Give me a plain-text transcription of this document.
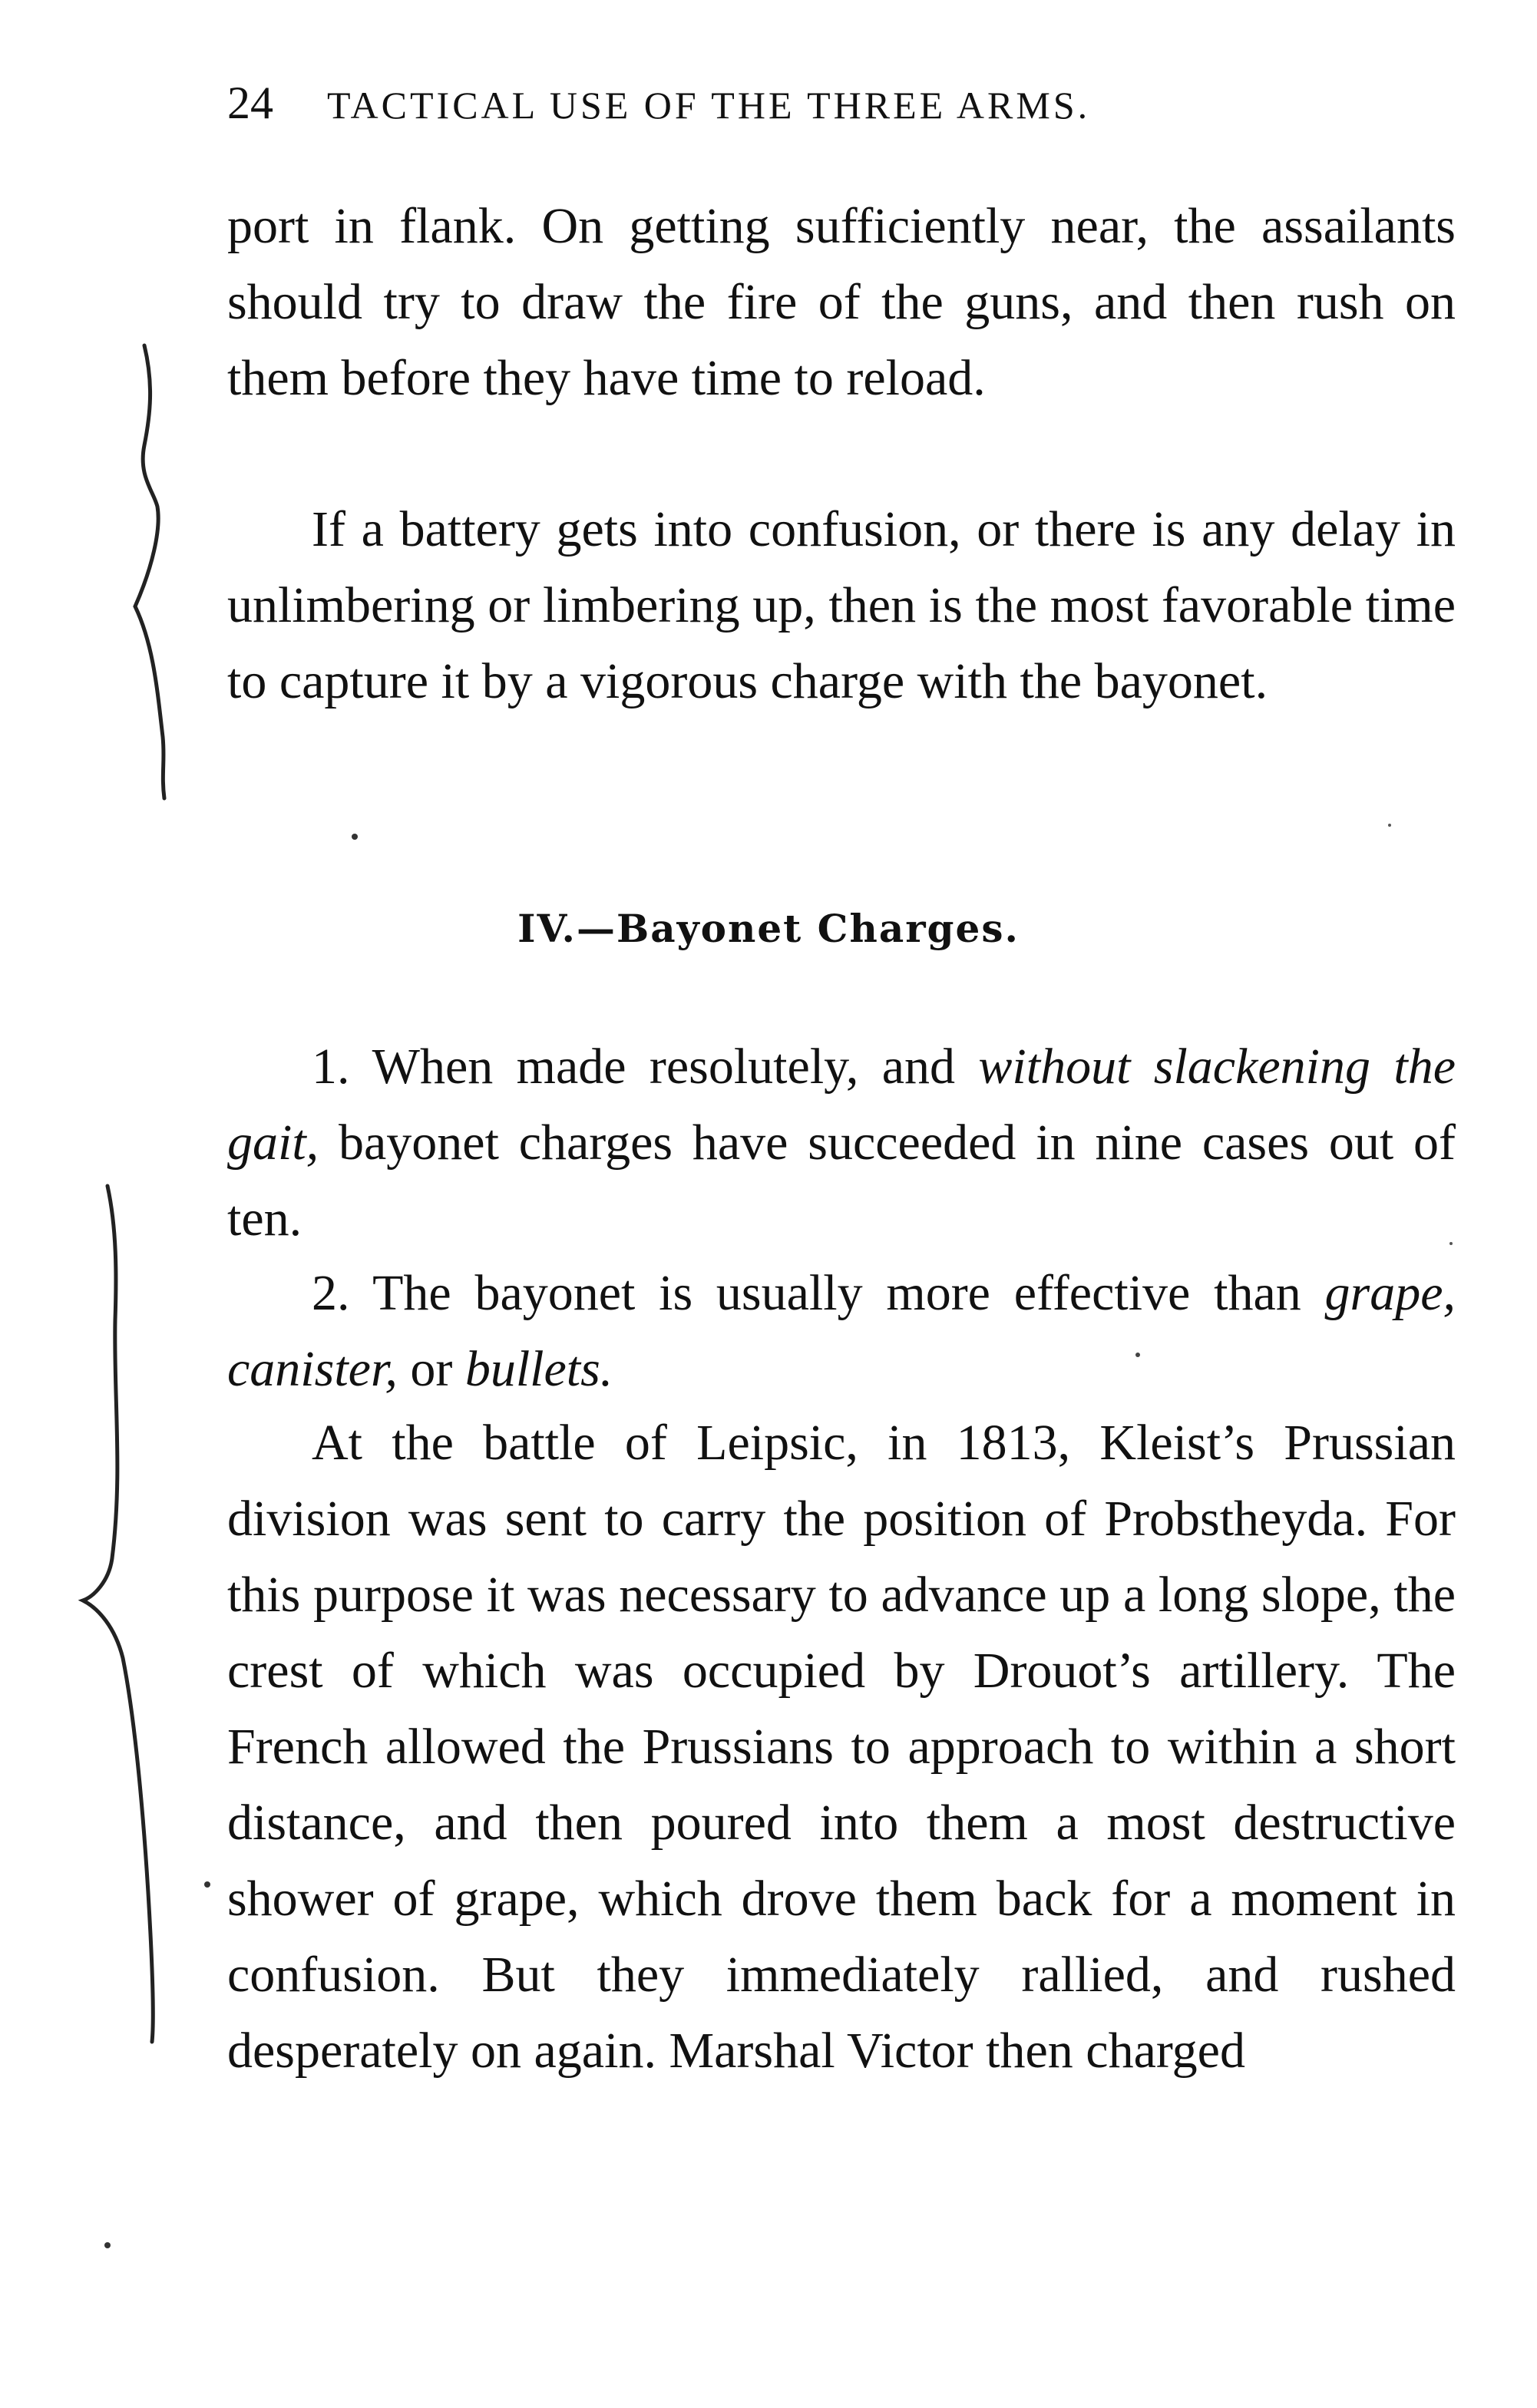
24 TACTICAL USE OF THE THREE ARMS.

port in flank. On getting sufficiently near, the assailants should try to draw the fire of the guns, and then rush on them before they have time to reload.

If a battery gets into confusion, or there is any delay in unlimbering or limbering up, then is the most favorable time to capture it by a vigorous charge with the bayonet.

IV.—Bayonet Charges.

1. When made resolutely, and without slackening the gait, bayonet charges have succeeded in nine cases out of ten.

2. The bayonet is usually more effective than grape, canister, or bullets.

At the battle of Leipsic, in 1813, Kleist’s Prussian division was sent to carry the position of Probstheyda. For this purpose it was necessary to advance up a long slope, the crest of which was occupied by Drouot’s artillery. The French allowed the Prussians to approach to within a short distance, and then poured into them a most destructive shower of grape, which drove them back for a moment in confusion. But they immediately rallied, and rushed desperately on again. Marshal Victor then charged
